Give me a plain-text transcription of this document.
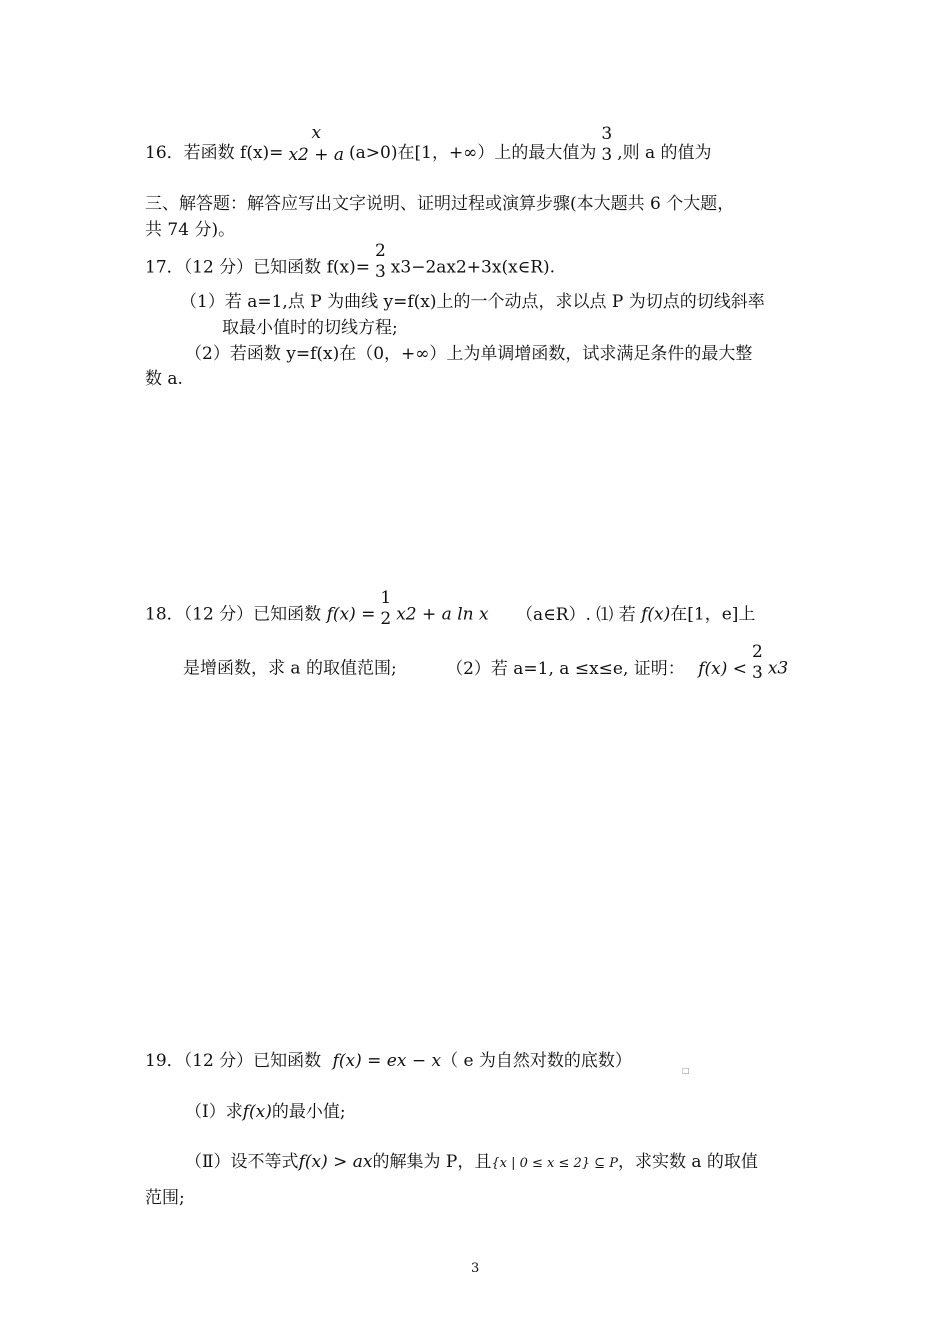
16．若函数 f(x)=
x
x2 + a (a>0)在[1，+∞）上的最大值为
3
3 ,则 a 的值为
三、解答题：解答应写出文字说明、证明过程或演算步骤(本大题共 6 个大题，
共 74 分)。
17．（12 分）已知函数 f(x)=
2
3 x3−2ax2+3x(x∈R).
（1）若 a=1,点 P 为曲线 y=f(x)上的一个动点，求以点 P 为切点的切线斜率
取最小值时的切线方程;
（2）若函数 y=f(x)在（0，+∞）上为单调增函数，试求满足条件的最大整
数 a.
18．（12 分）已知函数 f(x) =
1
2 x2 + a ln x （a∈R）. ⑴ 若 f(x)在[1，e]上
是增函数，求 a 的取值范围;	（2）若 a=1, a ≤x≤e, 证明： f(x) <
2
3 x3
19．（12 分）已知函数 f(x) = ex − x（ e 为自然对数的底数）	□
（Ⅰ）求f(x)的最小值;
（Ⅱ）设不等式f(x) > ax的解集为 P，且{x | 0 ≤ x ≤ 2} ⊆ P，求实数 a 的取值
范围;
3
